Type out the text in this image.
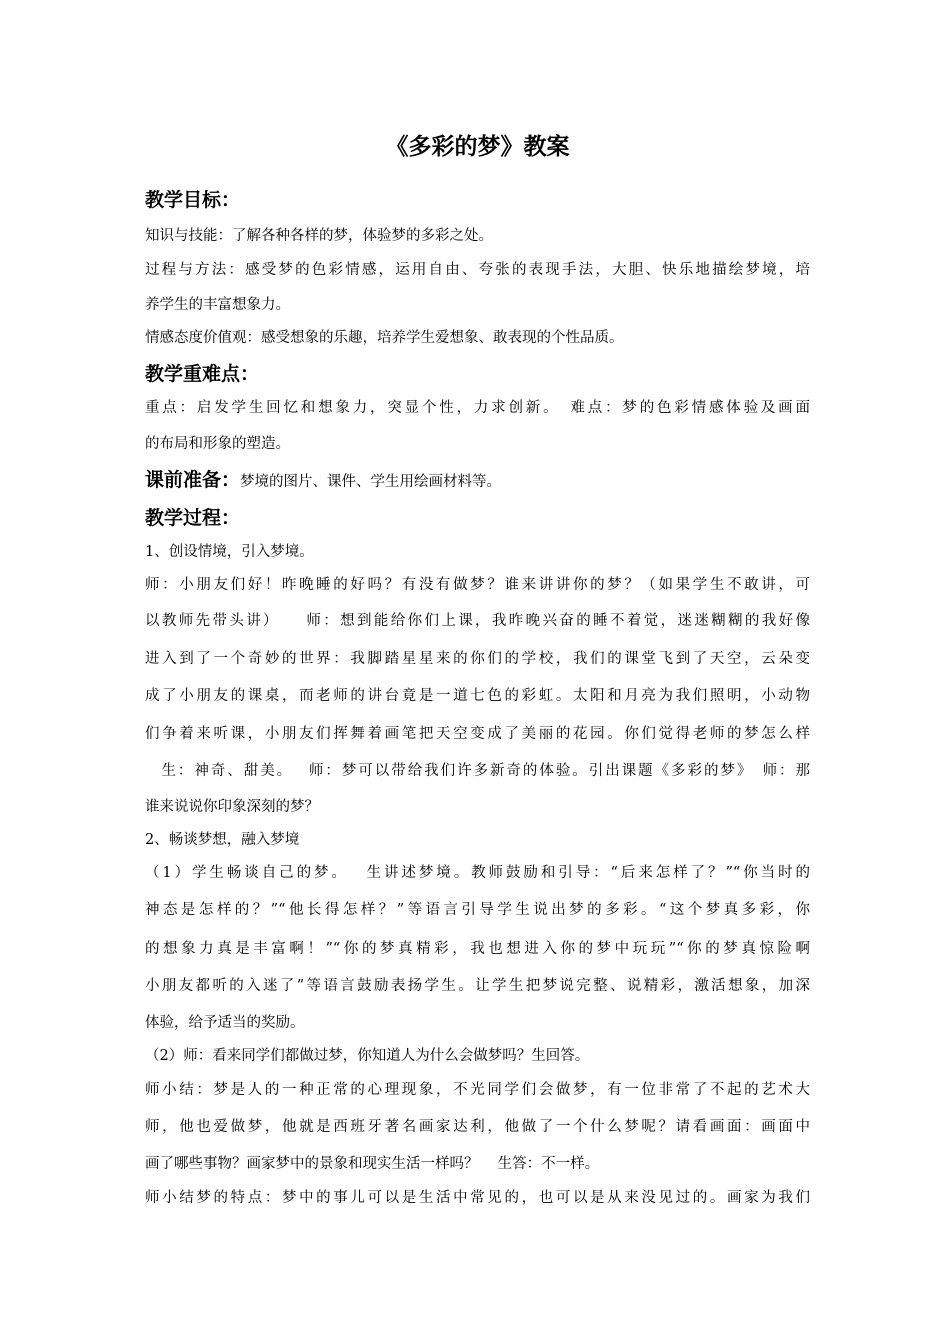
《多彩的梦》教案
教学目标：

知识与技能：了解各种各样的梦，体验梦的多彩之处。

过程与方法：感受梦的色彩情感，运用自由、夸张的表现手法，大胆、快乐地描绘梦境，培

养学生的丰富想象力。

情感态度价值观：感受想象的乐趣，培养学生爱想象、敢表现的个性品质。

教学重难点：

重点：启发学生回忆和想象力，突显个性，力求创新。　难点：梦的色彩情感体验及画面

的布局和形象的塑造。

课前准备：梦境的图片、课件、学生用绘画材料等。
教学过程：

1、创设情境，引入梦境。

师：小朋友们好！昨晚睡的好吗？有没有做梦？谁来讲讲你的梦？（如果学生不敢讲，可

以教师先带头讲）　　师：想到能给你们上课，我昨晚兴奋的睡不着觉，迷迷糊糊的我好像

进入到了一个奇妙的世界：我脚踏星星来的你们的学校，我们的课堂飞到了天空，云朵变

成了小朋友的课桌，而老师的讲台竟是一道七色的彩虹。太阳和月亮为我们照明，小动物

们争着来听课，小朋友们挥舞着画笔把天空变成了美丽的花园。你们觉得老师的梦怎么样

　生：神奇、甜美。　 师：梦可以带给我们许多新奇的体验。引出课题《多彩的梦》　师：那

谁来说说你印象深刻的梦？

2、畅谈梦想，融入梦境

（1）学生畅谈自己的梦。　 生讲述梦境。教师鼓励和引导：“后来怎样了？”“你当时的

神态是怎样的？”“他长得怎样？”等语言引导学生说出梦的多彩。“这个梦真多彩，你

的想象力真是丰富啊！”“你的梦真精彩，我也想进入你的梦中玩玩”“你的梦真惊险啊

小朋友都听的入迷了”等语言鼓励表扬学生。让学生把梦说完整、说精彩，激活想象，加深

体验，给予适当的奖励。

（2）师：看来同学们都做过梦，你知道人为什么会做梦吗？生回答。

师小结：梦是人的一种正常的心理现象，不光同学们会做梦，有一位非常了不起的艺术大

师，他也爱做梦，他就是西班牙著名画家达利，他做了一个什么梦呢？请看画面：画面中

画了哪些事物？画家梦中的景象和现实生活一样吗？　 生答：不一样。

师小结梦的特点：梦中的事儿可以是生活中常见的，也可以是从来没见过的。画家为我们
